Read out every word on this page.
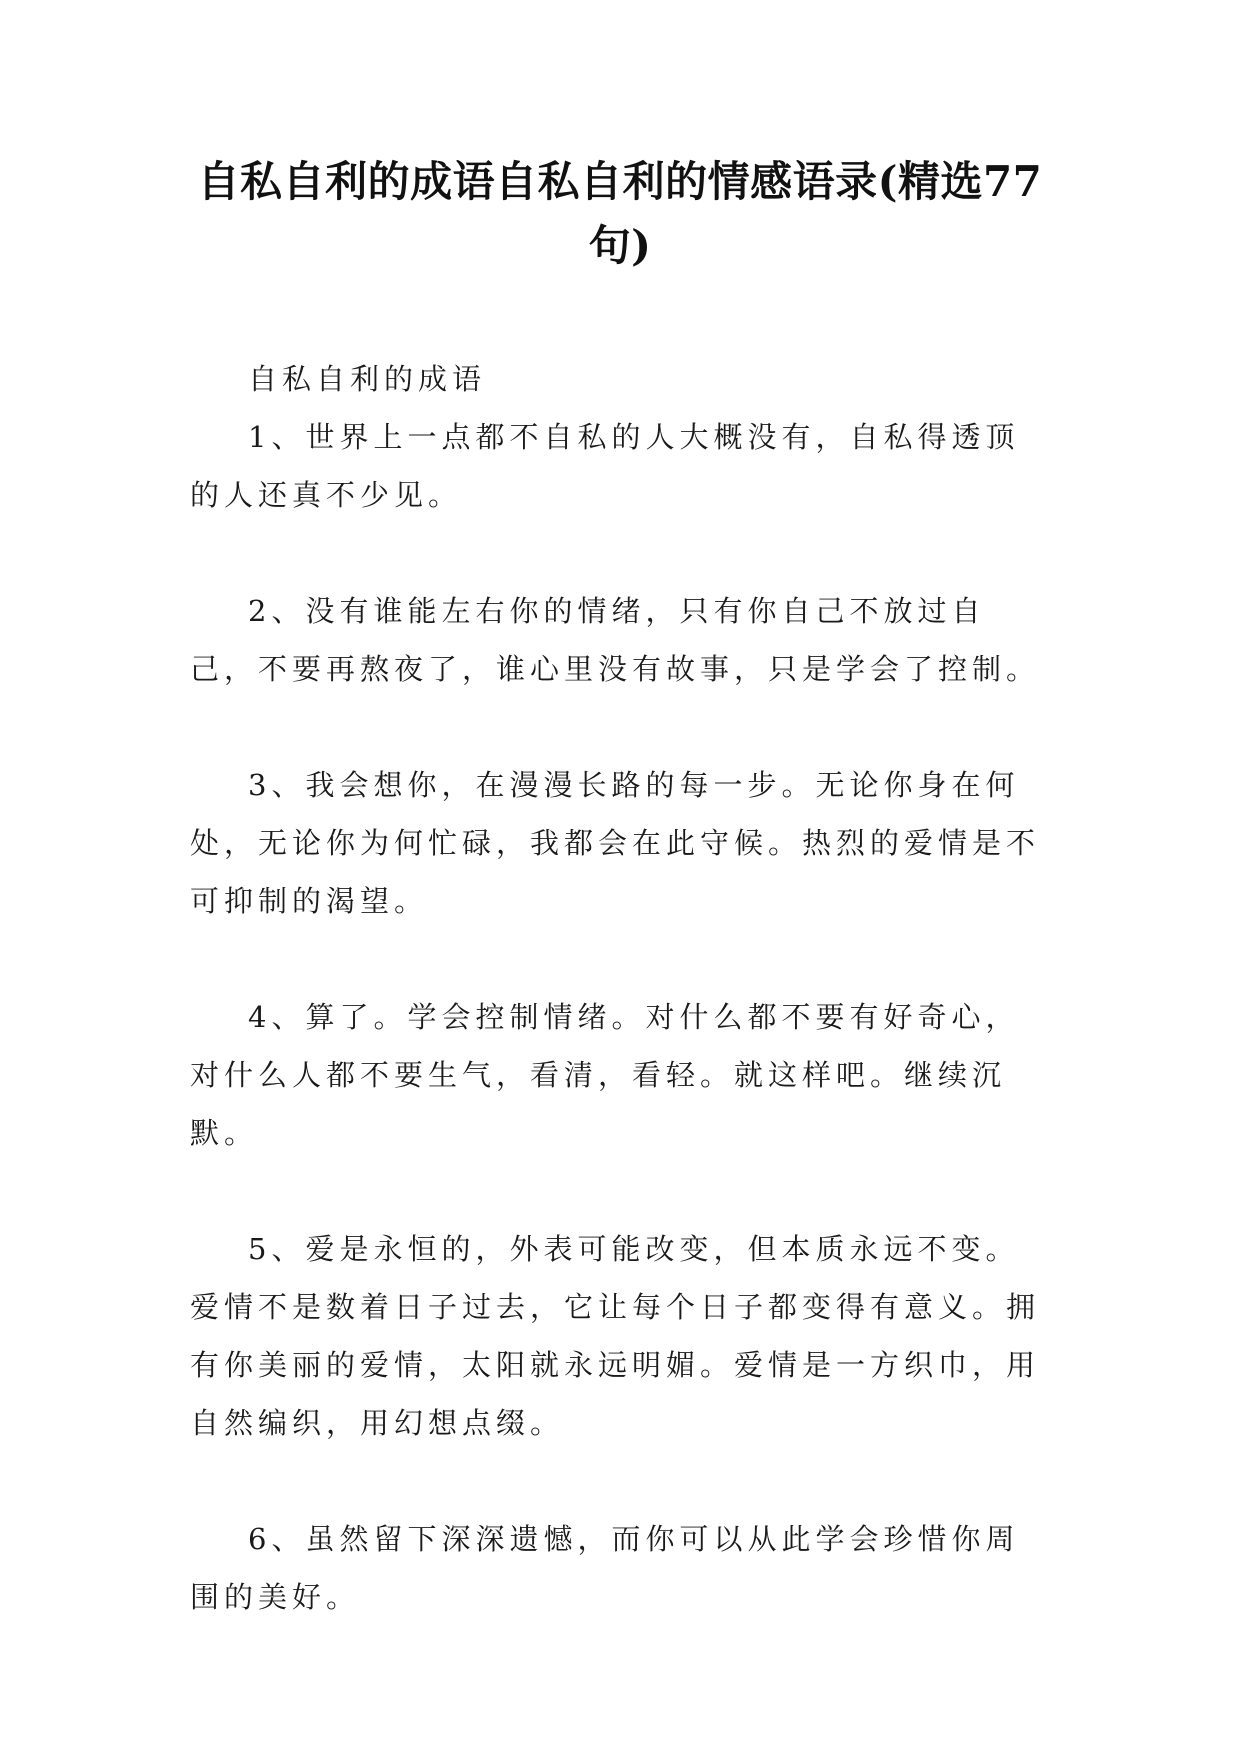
自私自利的成语自私自利的情感语录(精选77句)

自私自利的成语

1、世界上一点都不自私的人大概没有，自私得透顶的人还真不少见。

2、没有谁能左右你的情绪，只有你自己不放过自己，不要再熬夜了，谁心里没有故事，只是学会了控制。

3、我会想你，在漫漫长路的每一步。无论你身在何处，无论你为何忙碌，我都会在此守候。热烈的爱情是不可抑制的渴望。

4、算了。学会控制情绪。对什么都不要有好奇心，对什么人都不要生气，看清，看轻。就这样吧。继续沉默。

5、爱是永恒的，外表可能改变，但本质永远不变。爱情不是数着日子过去，它让每个日子都变得有意义。拥有你美丽的爱情，太阳就永远明媚。爱情是一方织巾，用自然编织，用幻想点缀。

6、虽然留下深深遗憾，而你可以从此学会珍惜你周围的美好。
